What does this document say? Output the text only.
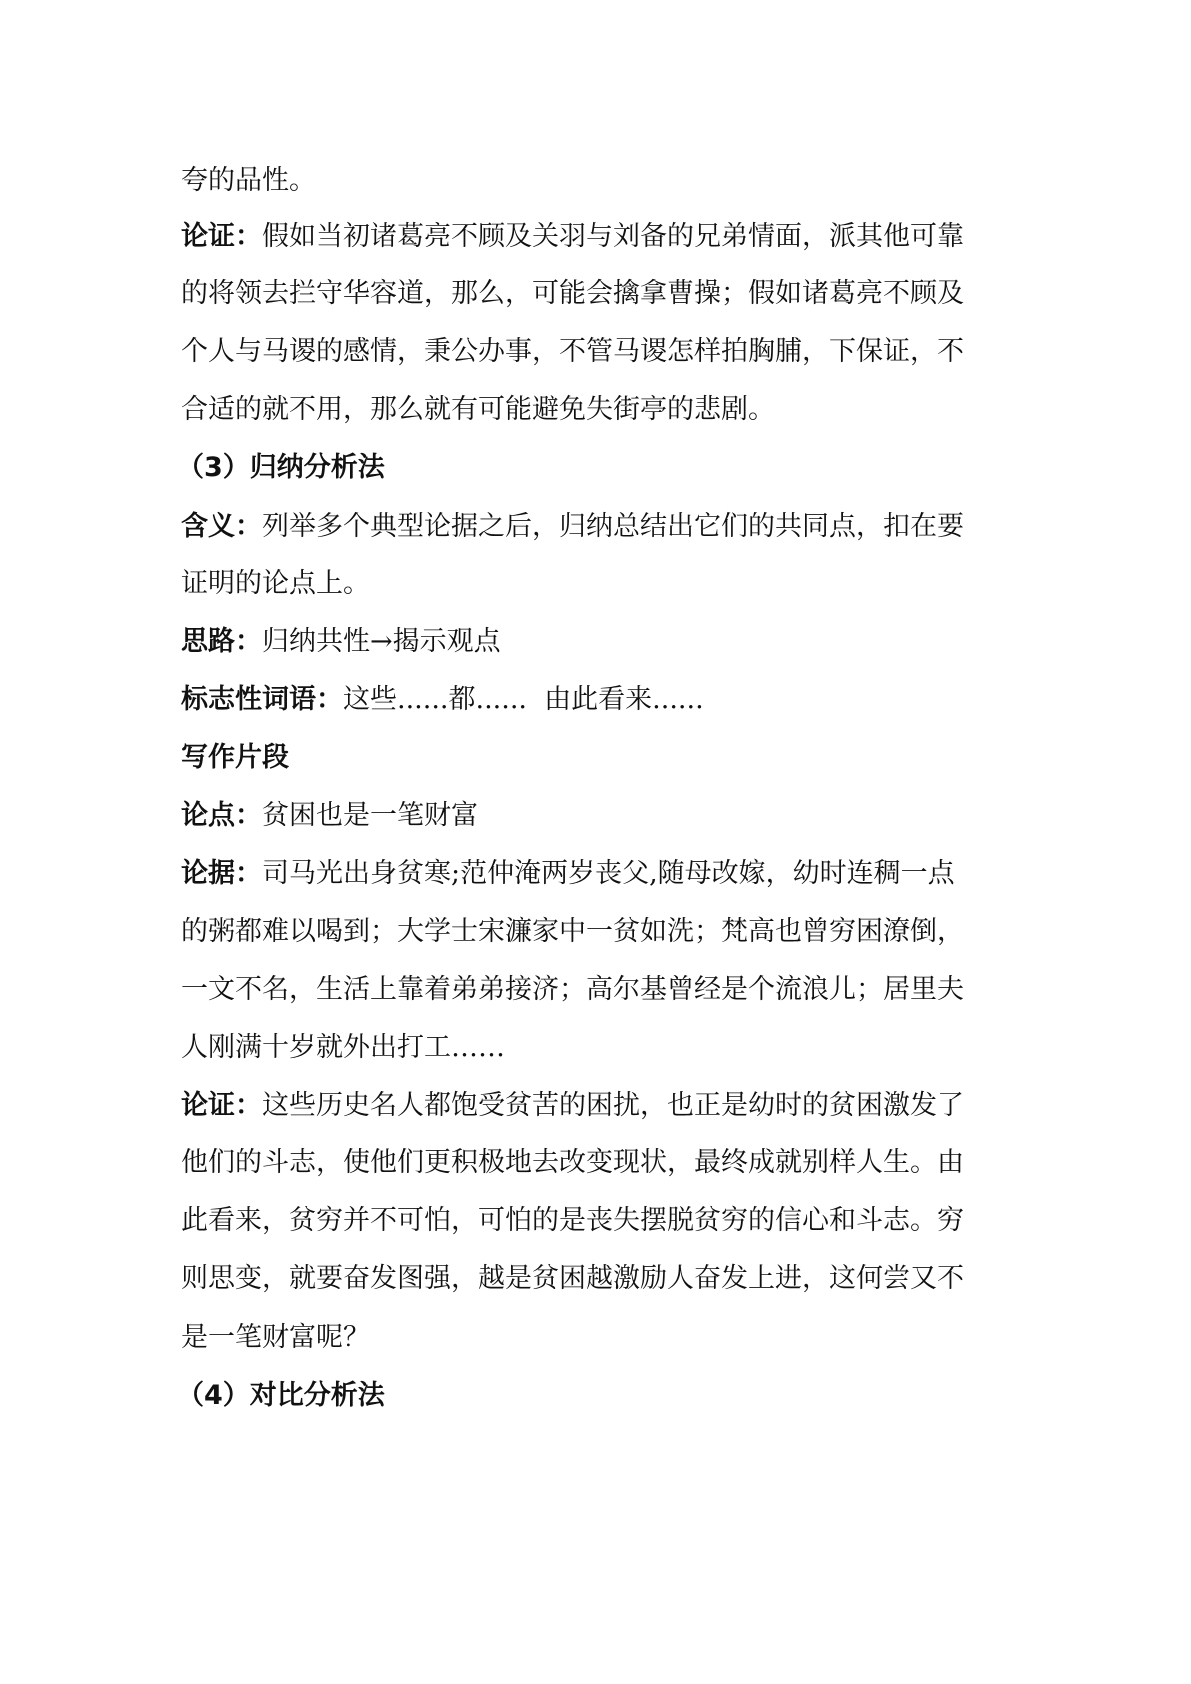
夸的品性。
论证：假如当初诸葛亮不顾及关羽与刘备的兄弟情面，派其他可靠
的将领去拦守华容道，那么，可能会擒拿曹操；假如诸葛亮不顾及
个人与马谡的感情，秉公办事，不管马谡怎样拍胸脯，下保证，不
合适的就不用，那么就有可能避免失街亭的悲剧。
（3）归纳分析法
含义：列举多个典型论据之后，归纳总结出它们的共同点，扣在要
证明的论点上。
思路：归纳共性→揭示观点
标志性词语：这些......都......  由此看来......
写作片段
论点：贫困也是一笔财富
论据：司马光出身贫寒;范仲淹两岁丧父,随母改嫁，幼时连稠一点
的粥都难以喝到；大学士宋濂家中一贫如洗；梵高也曾穷困潦倒，
一文不名，生活上靠着弟弟接济；高尔基曾经是个流浪儿；居里夫
人刚满十岁就外出打工……
论证：这些历史名人都饱受贫苦的困扰，也正是幼时的贫困激发了
他们的斗志，使他们更积极地去改变现状，最终成就别样人生。由
此看来，贫穷并不可怕，可怕的是丧失摆脱贫穷的信心和斗志。穷
则思变，就要奋发图强，越是贫困越激励人奋发上进，这何尝又不
是一笔财富呢？
（4）对比分析法
